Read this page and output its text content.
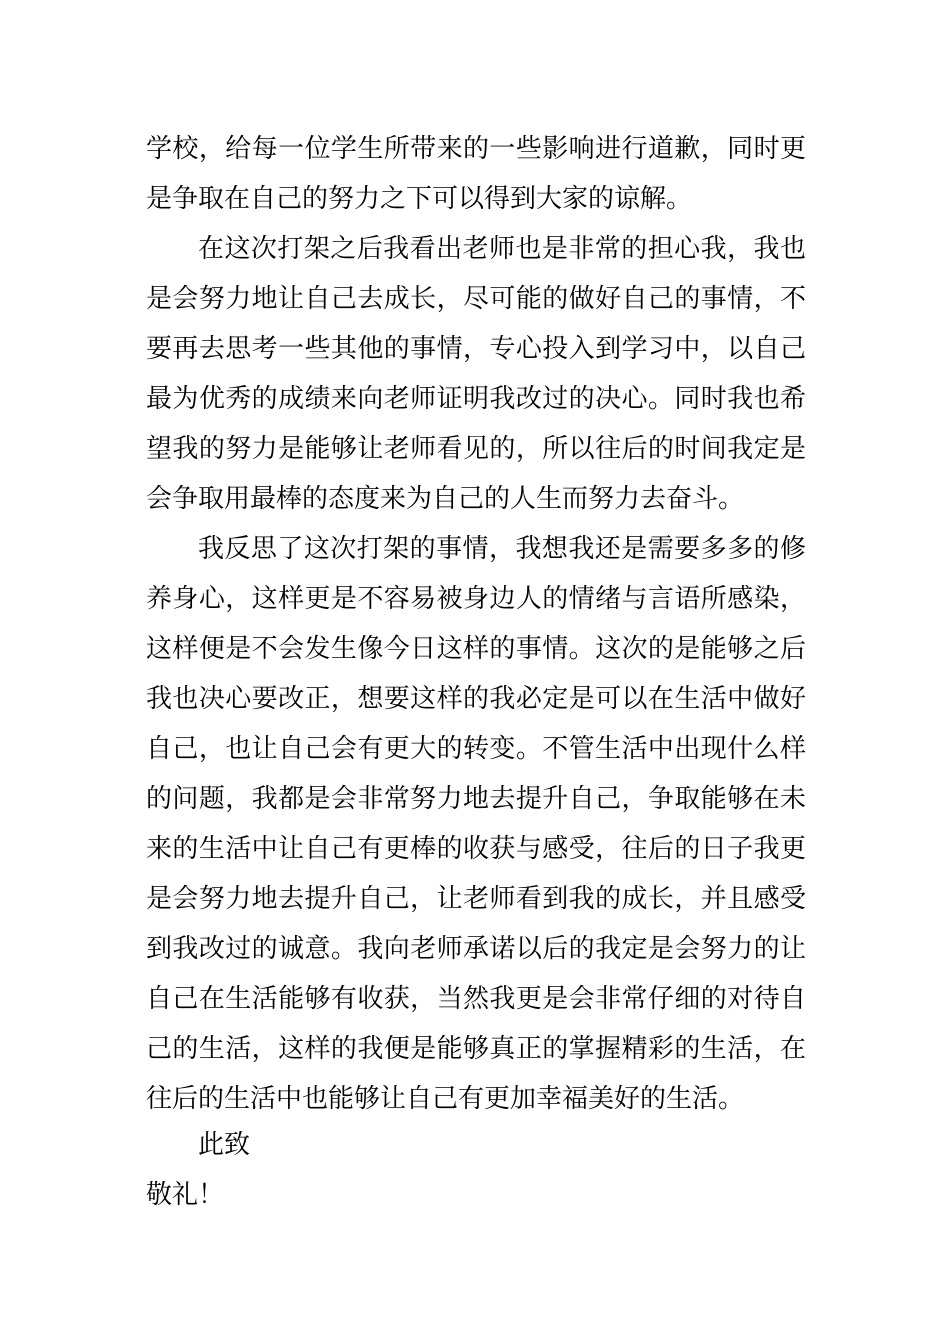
学校，给每一位学生所带来的一些影响进行道歉，同时更
是争取在自己的努力之下可以得到大家的谅解。
在这次打架之后我看出老师也是非常的担心我，我也
是会努力地让自己去成长，尽可能的做好自己的事情，不
要再去思考一些其他的事情，专心投入到学习中，以自己
最为优秀的成绩来向老师证明我改过的决心。同时我也希
望我的努力是能够让老师看见的，所以往后的时间我定是
会争取用最棒的态度来为自己的人生而努力去奋斗。
我反思了这次打架的事情，我想我还是需要多多的修
养身心，这样更是不容易被身边人的情绪与言语所感染，
这样便是不会发生像今日这样的事情。这次的是能够之后
我也决心要改正，想要这样的我必定是可以在生活中做好
自己，也让自己会有更大的转变。不管生活中出现什么样
的问题，我都是会非常努力地去提升自己，争取能够在未
来的生活中让自己有更棒的收获与感受，往后的日子我更
是会努力地去提升自己，让老师看到我的成长，并且感受
到我改过的诚意。我向老师承诺以后的我定是会努力的让
自己在生活能够有收获，当然我更是会非常仔细的对待自
己的生活，这样的我便是能够真正的掌握精彩的生活，在
往后的生活中也能够让自己有更加幸福美好的生活。
此致
敬礼！
